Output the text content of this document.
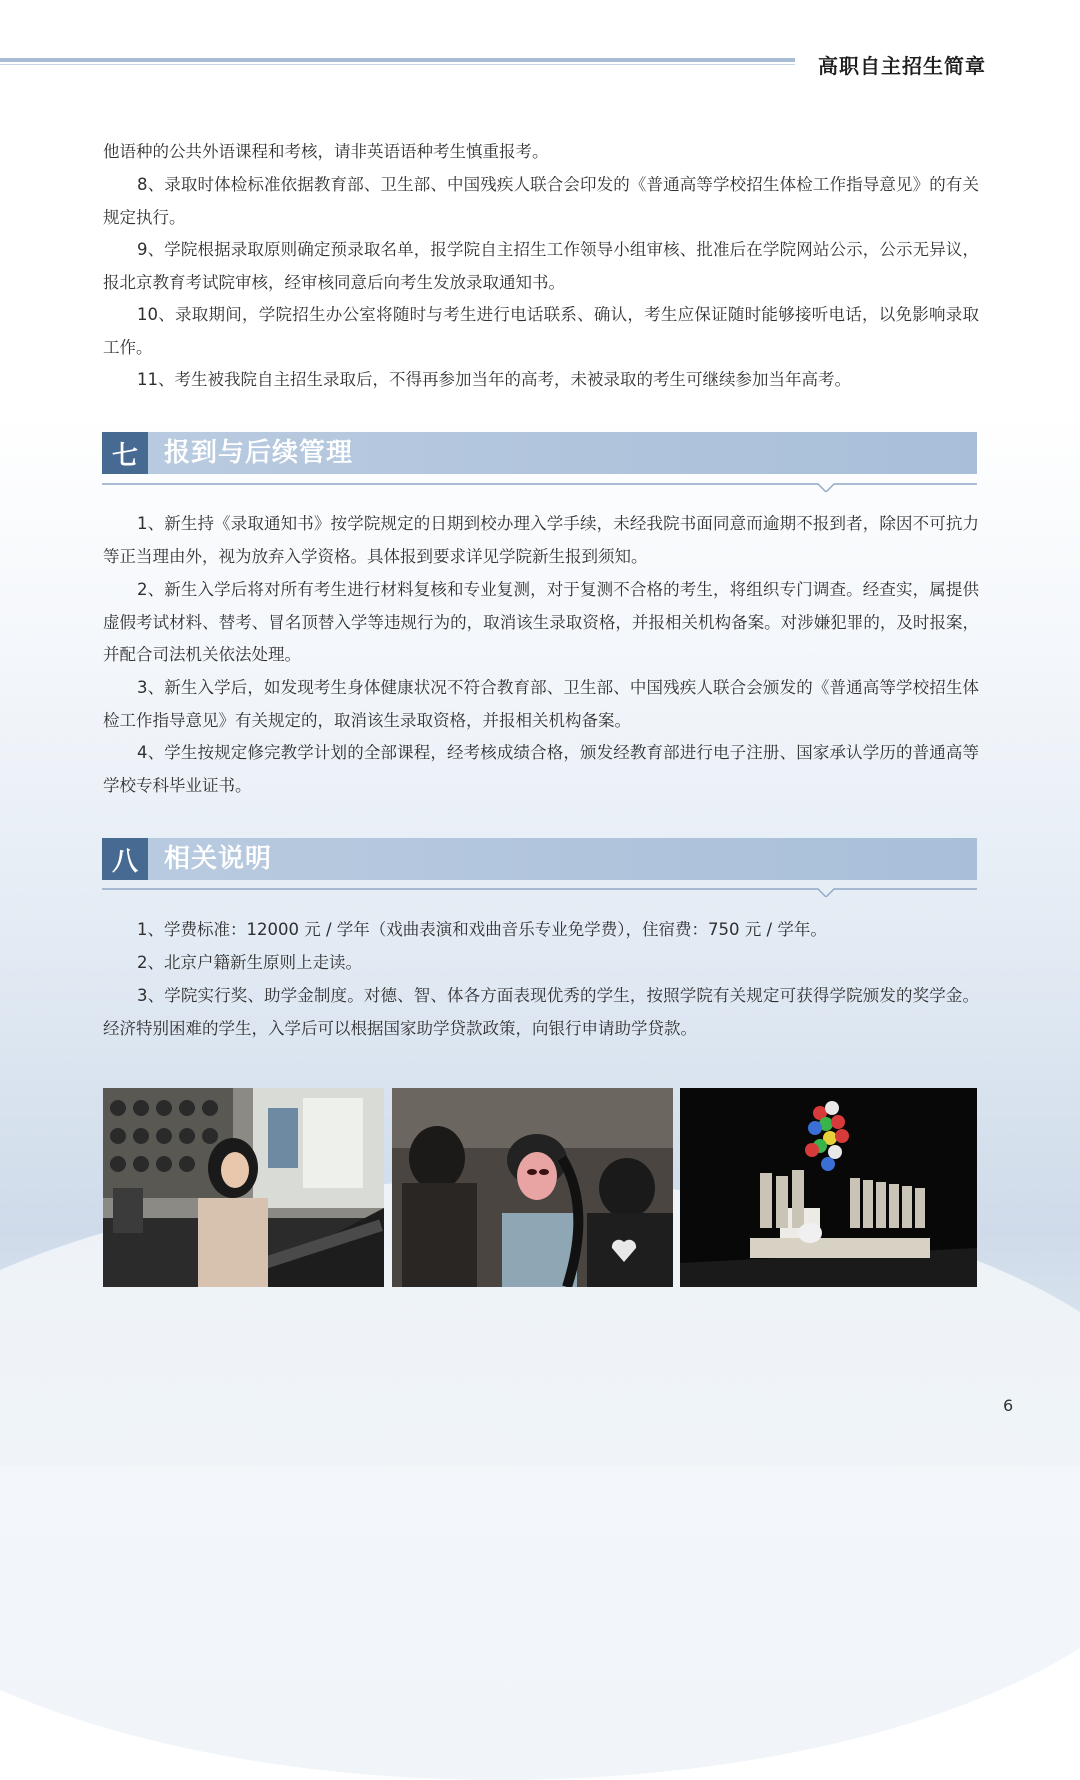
高职自主招生简章

他语种的公共外语课程和考核，请非英语语种考生慎重报考。

8、录取时体检标准依据教育部、卫生部、中国残疾人联合会印发的《普通高等学校招生体检工作指导意见》的有关规定执行。

9、学院根据录取原则确定预录取名单，报学院自主招生工作领导小组审核、批准后在学院网站公示，公示无异议，报北京教育考试院审核，经审核同意后向考生发放录取通知书。

10、录取期间，学院招生办公室将随时与考生进行电话联系、确认，考生应保证随时能够接听电话，以免影响录取工作。

11、考生被我院自主招生录取后，不得再参加当年的高考，未被录取的考生可继续参加当年高考。

七	报到与后续管理

1、新生持《录取通知书》按学院规定的日期到校办理入学手续，未经我院书面同意而逾期不报到者，除因不可抗力等正当理由外，视为放弃入学资格。具体报到要求详见学院新生报到须知。

2、新生入学后将对所有考生进行材料复核和专业复测，对于复测不合格的考生，将组织专门调查。经查实，属提供虚假考试材料、替考、冒名顶替入学等违规行为的，取消该生录取资格，并报相关机构备案。对涉嫌犯罪的，及时报案，并配合司法机关依法处理。

3、新生入学后，如发现考生身体健康状况不符合教育部、卫生部、中国残疾人联合会颁发的《普通高等学校招生体检工作指导意见》有关规定的，取消该生录取资格，并报相关机构备案。

4、学生按规定修完教学计划的全部课程，经考核成绩合格，颁发经教育部进行电子注册、国家承认学历的普通高等学校专科毕业证书。

八	相关说明

1、学费标准：12000 元 / 学年（戏曲表演和戏曲音乐专业免学费），住宿费：750 元 / 学年。

2、北京户籍新生原则上走读。

3、学院实行奖、助学金制度。对德、智、体各方面表现优秀的学生，按照学院有关规定可获得学院颁发的奖学金。经济特别困难的学生，入学后可以根据国家助学贷款政策，向银行申请助学贷款。

6
